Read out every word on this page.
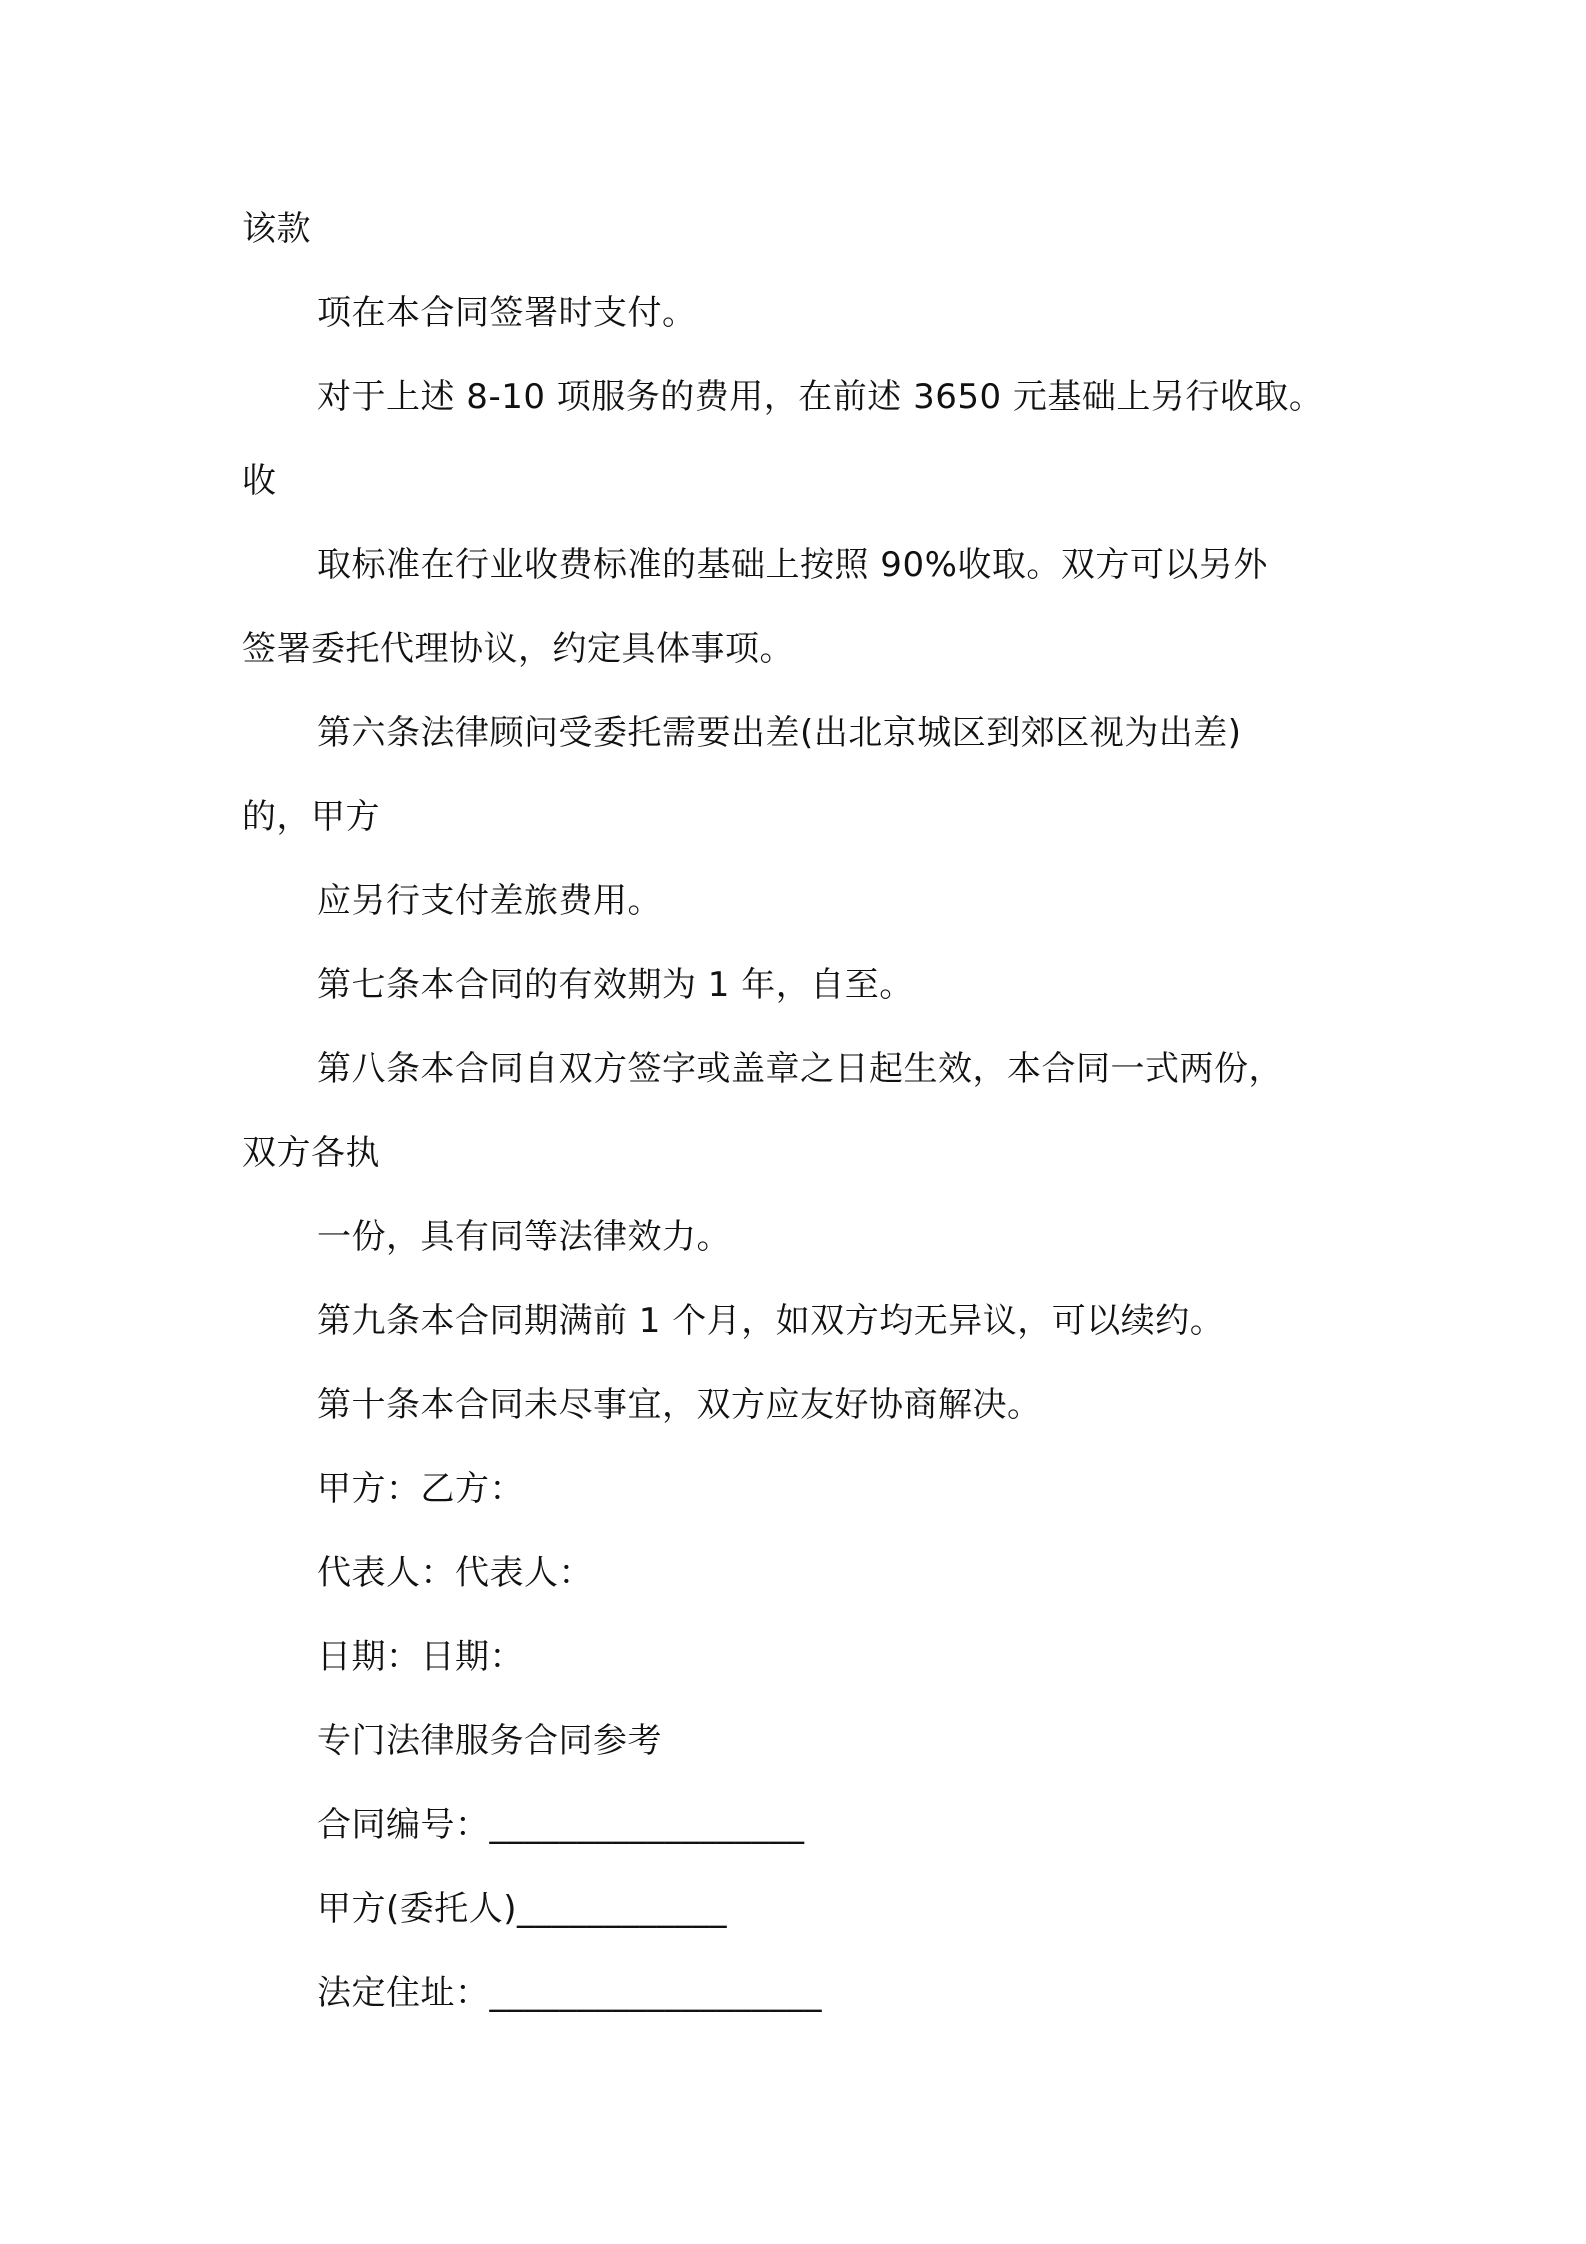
该款
项在本合同签署时支付。
对于上述 8-10 项服务的费用，在前述 3650 元基础上另行收取。
收
取标准在行业收费标准的基础上按照 90%收取。双方可以另外
签署委托代理协议，约定具体事项。
第六条法律顾问受委托需要出差(出北京城区到郊区视为出差)
的，甲方
应另行支付差旅费用。
第七条本合同的有效期为 1 年，自至。
第八条本合同自双方签字或盖章之日起生效，本合同一式两份，
双方各执
一份，具有同等法律效力。
第九条本合同期满前 1 个月，如双方均无异议，可以续约。
第十条本合同未尽事宜，双方应友好协商解决。
甲方：乙方：
代表人：代表人：
日期：日期：
专门法律服务合同参考
合同编号：__________________
甲方(委托人)____________
法定住址：___________________
